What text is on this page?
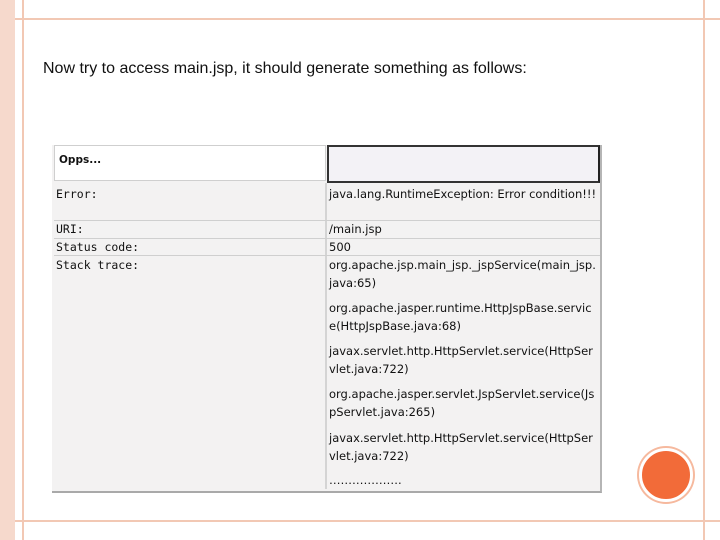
Now try to access main.jsp, it should generate something as follows:
Opps...
Error:	java.lang.RuntimeException: Error condition!!!
URI:	/main.jsp
Status code:	500
Stack trace:	org.apache.jsp.main_jsp._jspService(main_jsp.java:65)
org.apache.jasper.runtime.HttpJspBase.service(HttpJspBase.java:68)
javax.servlet.http.HttpServlet.service(HttpServlet.java:722)
org.apache.jasper.servlet.JspServlet.service(JspServlet.java:265)
javax.servlet.http.HttpServlet.service(HttpServlet.java:722)
……………….
